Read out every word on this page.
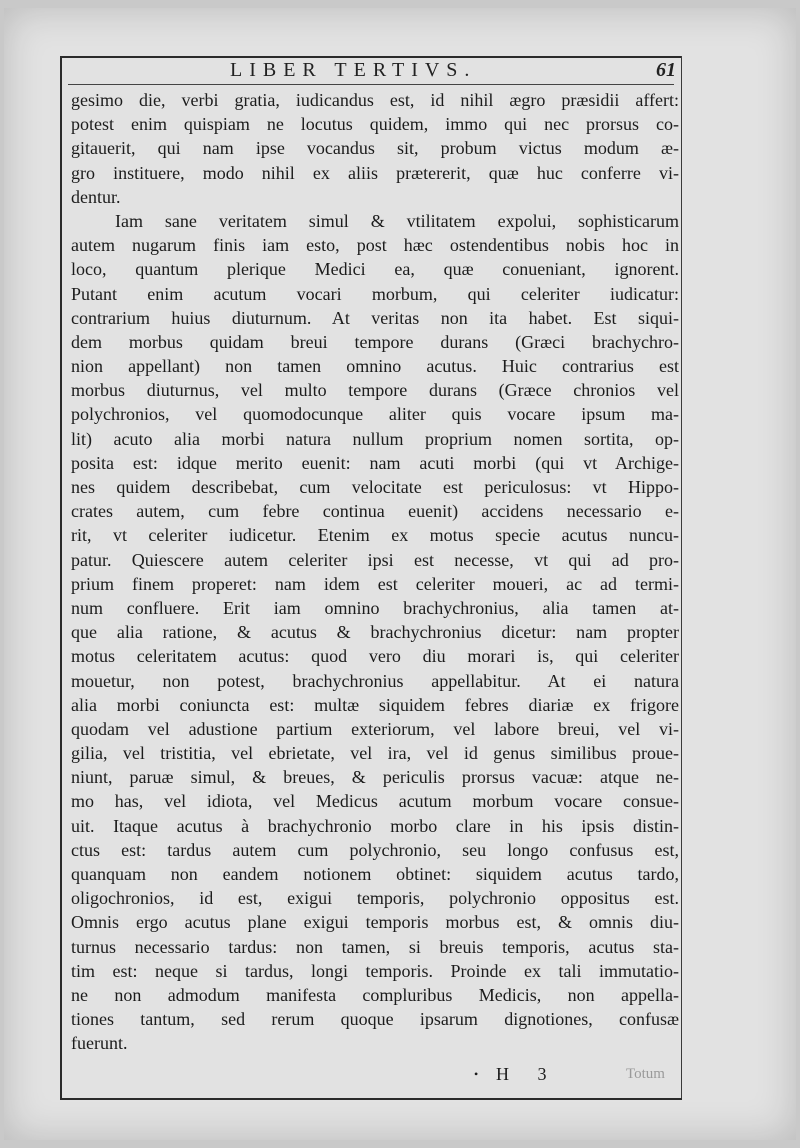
LIBER TERTIVS.	61
gesimo die, verbi gratia, iudicandus est, id nihil ægro præsidii affert:
potest enim quispiam ne locutus quidem, immo qui nec prorsus co-
gitauerit, qui nam ipse vocandus sit, probum victus modum æ-
gro instituere, modo nihil ex aliis prætererit, quæ huc conferre vi-
dentur.
Iam sane veritatem simul & vtilitatem expolui, sophisticarum
autem nugarum finis iam esto, post hæc ostendentibus nobis hoc in
loco, quantum plerique Medici ea, quæ conueniant, ignorent.
Putant enim acutum vocari morbum, qui celeriter iudicatur:
contrarium huius diuturnum. At veritas non ita habet. Est siqui-
dem morbus quidam breui tempore durans (Græci brachychro-
nion appellant) non tamen omnino acutus. Huic contrarius est
morbus diuturnus, vel multo tempore durans (Græce chronios vel
polychronios, vel quomodocunque aliter quis vocare ipsum ma-
lit) acuto alia morbi natura nullum proprium nomen sortita, op-
posita est: idque merito euenit: nam acuti morbi (qui vt Archige-
nes quidem describebat, cum velocitate est periculosus: vt Hippo-
crates autem, cum febre continua euenit) accidens necessario e-
rit, vt celeriter iudicetur. Etenim ex motus specie acutus nuncu-
patur. Quiescere autem celeriter ipsi est necesse, vt qui ad pro-
prium finem properet: nam idem est celeriter moueri, ac ad termi-
num confluere. Erit iam omnino brachychronius, alia tamen at-
que alia ratione, & acutus & brachychronius dicetur: nam propter
motus celeritatem acutus: quod vero diu morari is, qui celeriter
mouetur, non potest, brachychronius appellabitur. At ei natura
alia morbi coniuncta est: multæ siquidem febres diariæ ex frigore
quodam vel adustione partium exteriorum, vel labore breui, vel vi-
gilia, vel tristitia, vel ebrietate, vel ira, vel id genus similibus proue-
niunt, paruæ simul, & breues, & periculis prorsus vacuæ: atque ne-
mo has, vel idiota, vel Medicus acutum morbum vocare consue-
uit. Itaque acutus à brachychronio morbo clare in his ipsis distin-
ctus est: tardus autem cum polychronio, seu longo confusus est,
quanquam non eandem notionem obtinet: siquidem acutus tardo,
oligochronios, id est, exigui temporis, polychronio oppositus est.
Omnis ergo acutus plane exigui temporis morbus est, & omnis diu-
turnus necessario tardus: non tamen, si breuis temporis, acutus sta-
tim est: neque si tardus, longi temporis. Proinde ex tali immutatio-
ne non admodum manifesta compluribus Medicis, non appella-
tiones tantum, sed rerum quoque ipsarum dignotiones, confusæ
fuerunt.
• H 3	Totum
